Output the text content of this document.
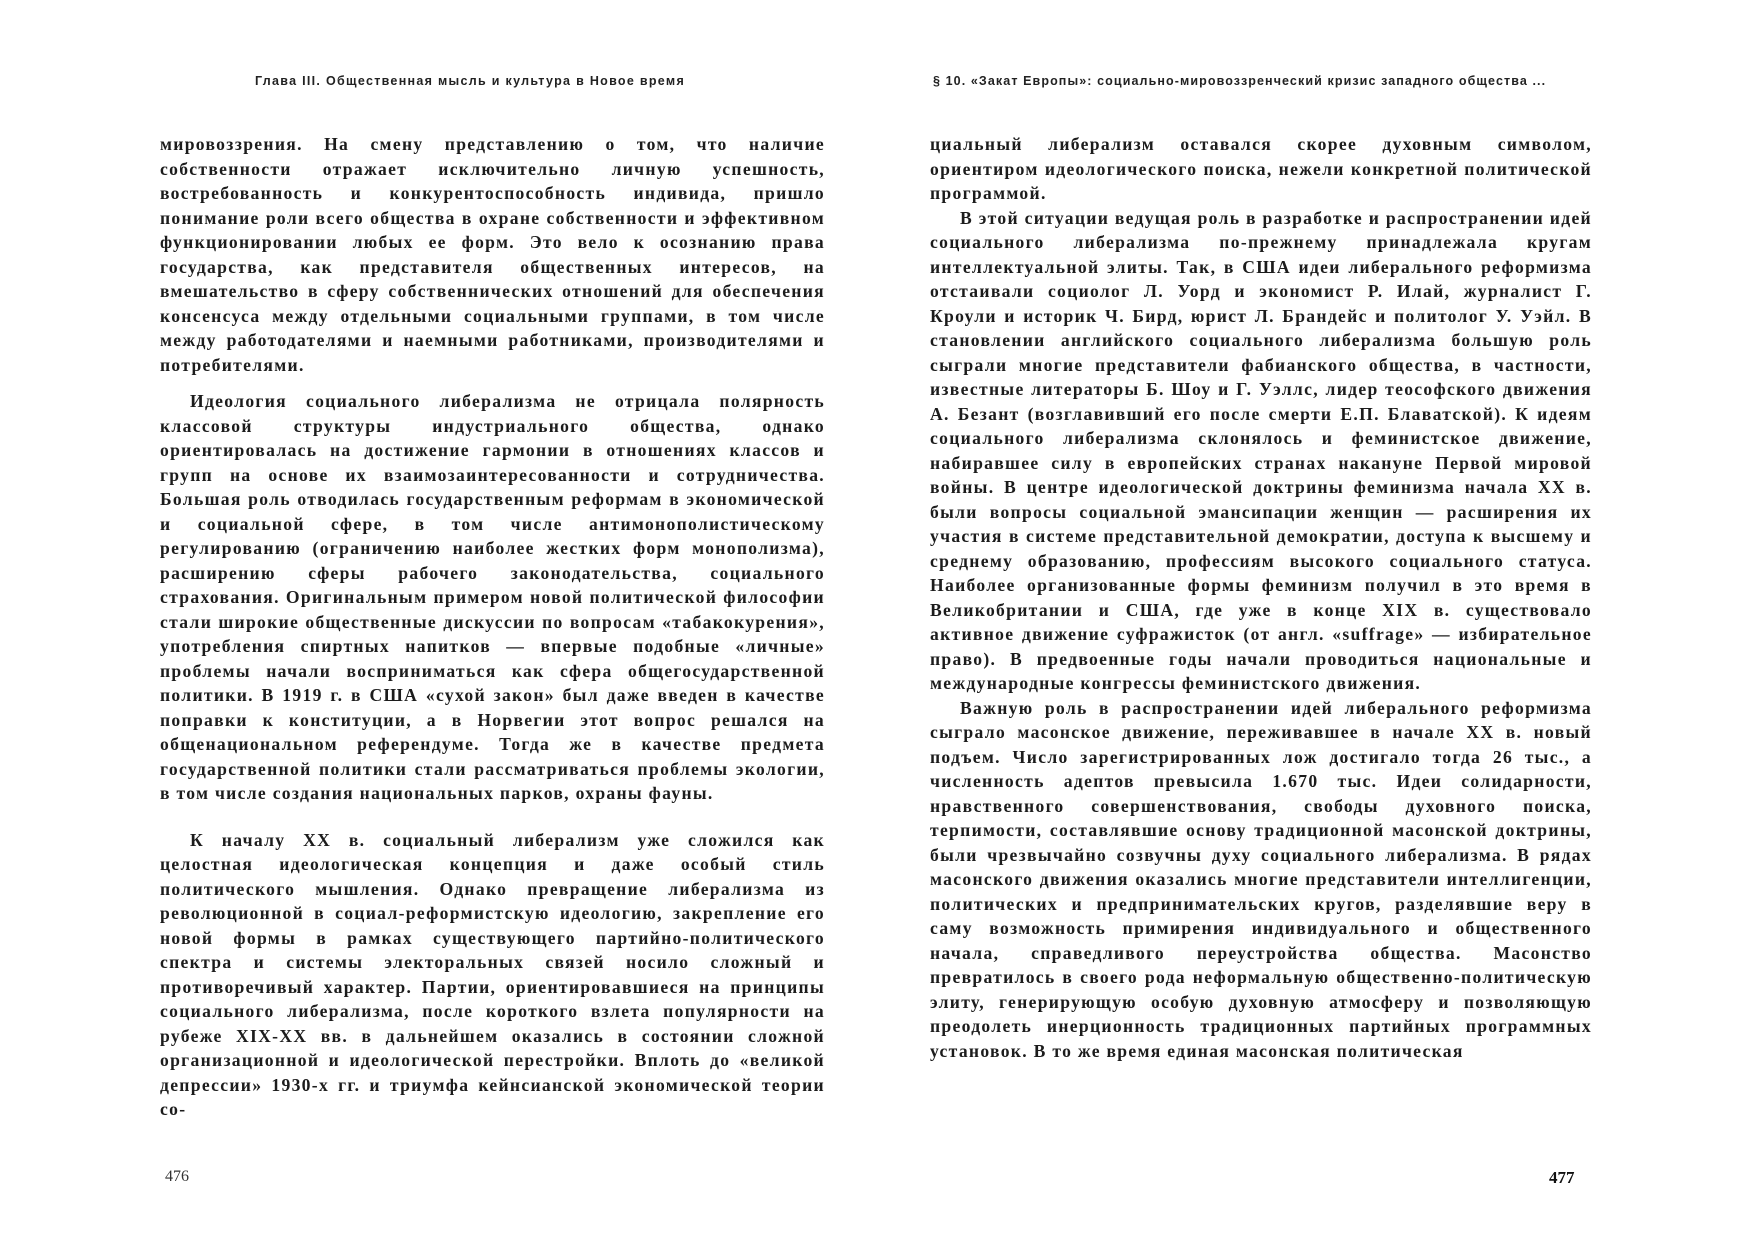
Глава III. Общественная мысль и культура в Новое время

мировоззрения. На смену представлению о том, что наличие собственности отражает исключительно личную успешность, востребованность и конкурентоспособность индивида, пришло понимание роли всего общества в охране собственности и эффективном функционировании любых ее форм. Это вело к осознанию права государства, как представителя общественных интересов, на вмешательство в сферу собственнических отношений для обеспечения консенсуса между отдельными социальными группами, в том числе между работодателями и наемными работниками, производителями и потребителями.

Идеология социального либерализма не отрицала полярность классовой структуры индустриального общества, однако ориентировалась на достижение гармонии в отношениях классов и групп на основе их взаимозаинтересованности и сотрудничества. Большая роль отводилась государственным реформам в экономической и социальной сфере, в том числе антимонополистическому регулированию (ограничению наиболее жестких форм монополизма), расширению сферы рабочего законодательства, социального страхования. Оригинальным примером новой политической философии стали широкие общественные дискуссии по вопросам «табакокурения», употребления спиртных напитков — впервые подобные «личные» проблемы начали восприниматься как сфера общегосударственной политики. В 1919 г. в США «сухой закон» был даже введен в качестве поправки к конституции, а в Норвегии этот вопрос решался на общенациональном референдуме. Тогда же в качестве предмета государственной политики стали рассматриваться проблемы экологии, в том числе создания национальных парков, охраны фауны.

К началу XX в. социальный либерализм уже сложился как целостная идеологическая концепция и даже особый стиль политического мышления. Однако превращение либерализма из революционной в социал-реформистскую идеологию, закрепление его новой формы в рамках существующего партийно-политического спектра и системы электоральных связей носило сложный и противоречивый характер. Партии, ориентировавшиеся на принципы социального либерализма, после короткого взлета популярности на рубеже XIX-XX вв. в дальнейшем оказались в состоянии сложной организационной и идеологической перестройки. Вплоть до «великой депрессии» 1930-х гг. и триумфа кейнсианской экономической теории со-

476
§ 10. «Закат Европы»: социально-мировоззренческий кризис западного общества ...

циальный либерализм оставался скорее духовным символом, ориентиром идеологического поиска, нежели конкретной политической программой.

В этой ситуации ведущая роль в разработке и распространении идей социального либерализма по-прежнему принадлежала кругам интеллектуальной элиты. Так, в США идеи либерального реформизма отстаивали социолог Л. Уорд и экономист Р. Илай, журналист Г. Кроули и историк Ч. Бирд, юрист Л. Брандейс и политолог У. Уэйл. В становлении английского социального либерализма большую роль сыграли многие представители фабианского общества, в частности, известные литераторы Б. Шоу и Г. Уэллс, лидер теософского движения А. Безант (возглавивший его после смерти Е.П. Блаватской). К идеям социального либерализма склонялось и феминистское движение, набиравшее силу в европейских странах накануне Первой мировой войны. В центре идеологической доктрины феминизма начала XX в. были вопросы социальной эмансипации женщин — расширения их участия в системе представительной демократии, доступа к высшему и среднему образованию, профессиям высокого социального статуса. Наиболее организованные формы феминизм получил в это время в Великобритании и США, где уже в конце XIX в. существовало активное движение суфражисток (от англ. «suffrage» — избирательное право). В предвоенные годы начали проводиться национальные и международные конгрессы феминистского движения.

Важную роль в распространении идей либерального реформизма сыграло масонское движение, переживавшее в начале XX в. новый подъем. Число зарегистрированных лож достигало тогда 26 тыс., а численность адептов превысила 1.670 тыс. Идеи солидарности, нравственного совершенствования, свободы духовного поиска, терпимости, составлявшие основу традиционной масонской доктрины, были чрезвычайно созвучны духу социального либерализма. В рядах масонского движения оказались многие представители интеллигенции, политических и предпринимательских кругов, разделявшие веру в саму возможность примирения индивидуального и общественного начала, справедливого переустройства общества. Масонство превратилось в своего рода неформальную общественно-политическую элиту, генерирующую особую духовную атмосферу и позволяющую преодолеть инерционность традиционных партийных программных установок. В то же время единая масонская политическая

477
